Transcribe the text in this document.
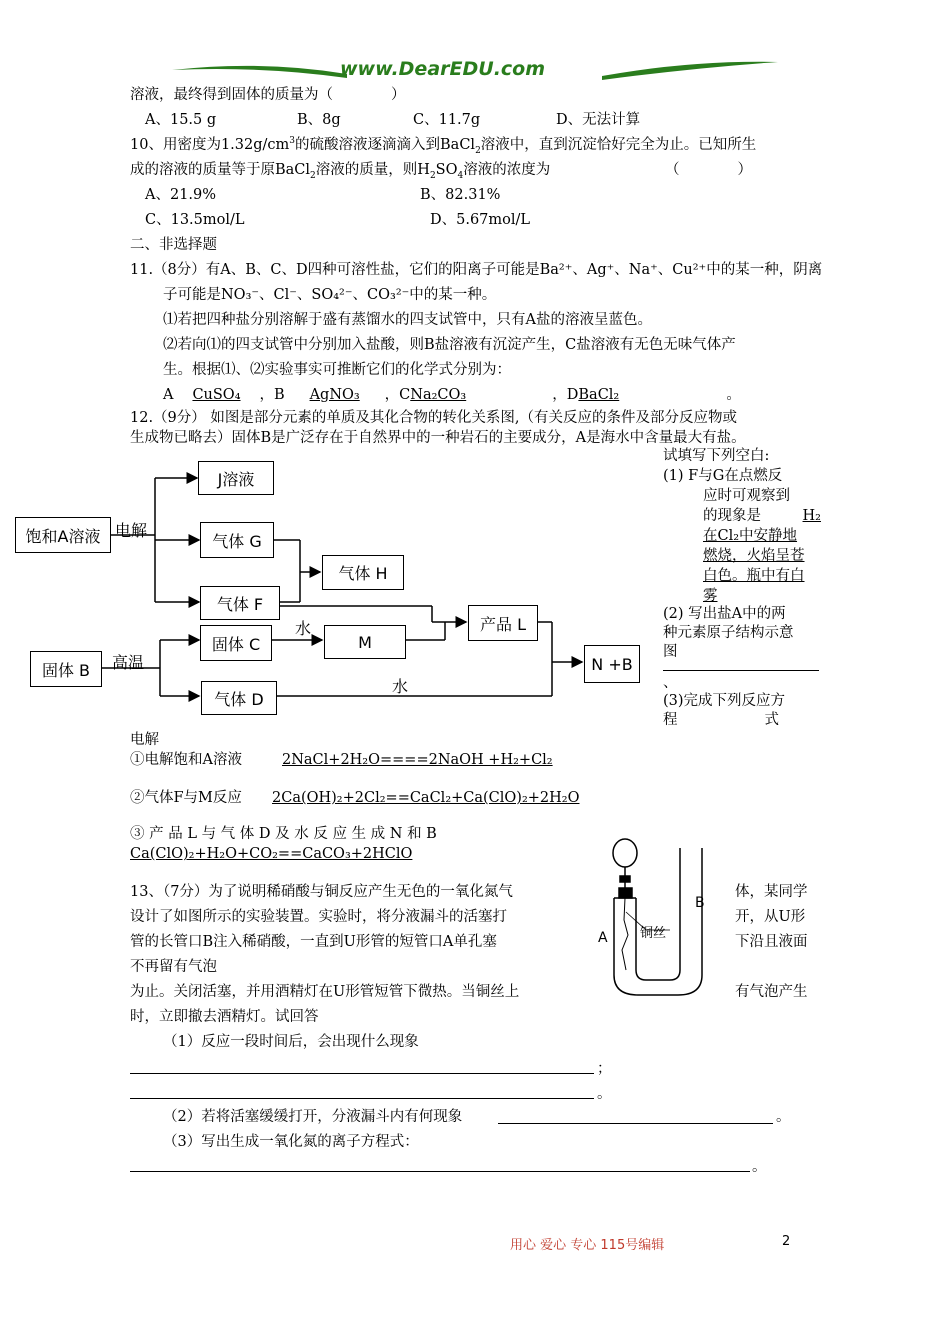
www.DearEDU.com
溶液，最终得到固体的质量为（　　　　）
A、15.5 g	B、8g	C、11.7g	D、无法计算
10、用密度为$1.32g/cm^3$的硫酸溶液逐滴滴入到BaCl$_2$溶液中，直到沉淀恰好完全为止。已知所生
成的溶液的质量等于原BaCl$_2$溶液的质量，则$H_2SO_4$溶液的浓度为	（　　　　）
A、21.9%	B、82.31%
C、13.5mol/L	D、5.67mol/L
二、非选择题
11.（8分）有A、B、C、D四种可溶性盐，它们的阳离子可能是Ba²⁺、Ag⁺、Na⁺、Cu²⁺中的某一种，阴离
子可能是NO₃⁻、Cl⁻、SO₄²⁻、CO₃²⁻中的某一种。
⑴若把四种盐分别溶解于盛有蒸馏水的四支试管中，只有A盐的溶液呈蓝色。
⑵若向⑴的四支试管中分别加入盐酸，则B盐溶液有沉淀产生，C盐溶液有无色无味气体产
生。根据⑴、⑵实验事实可推断它们的化学式分别为：
A CuSO₄ ，B AgNO₃ ，CNa₂CO₃	，DBaCl₂	。
12.（9分） 如图是部分元素的单质及其化合物的转化关系图,（有关反应的条件及部分反应物或
生成物已略去）固体B是广泛存在于自然界中的一种岩石的主要成分，A是海水中含量最大有盐。
饱和A溶液 电解
J溶液
气体 G
气体 H
气体 F
产品 L
固体 C
水
M
N +B
固体 B	高温
气体 D
水
试填写下列空白:
(1) F与G在点燃反
应时可观察到
的现象是	H₂
在Cl₂中安静地
燃烧，火焰呈苍
白色。瓶中有白
雾
(2) 写出盐A中的两
种元素原子结构示意
图
、
(3)完成下列反应方
程　　　　　　式
电解
①电解饱和A溶液	2NaCl+2H₂O====2NaOH +H₂+Cl₂
②气体F与M反应 2Ca(OH)₂+2Cl₂==CaCl₂+Ca(ClO)₂+2H₂O
③ 产 品 L 与 气 体 D 及 水 反 应 生 成 N 和 B
Ca(ClO)₂+H₂O+CO₂==CaCO₃+2HClO
13、（7分）为了说明稀硝酸与铜反应产生无色的一氧化氮气	体，某同学
设计了如图所示的实验装置。实验时，将分液漏斗的活塞打	开，从U形
管的长管口B注入稀硝酸，一直到U形管的短管口A单孔塞	下沿且液面
不再留有气泡
为止。关闭活塞，并用酒精灯在U形管短管下微热。当铜丝上	有气泡产生
时，立即撤去酒精灯。试回答
A
B
铜丝
（1）反应一段时间后，会出现什么现象
；
。
（2）若将活塞缓缓打开，分液漏斗内有何现象	。
（3）写出生成一氧化氮的离子方程式：
。
用心 爱心 专心 115号编辑	2
